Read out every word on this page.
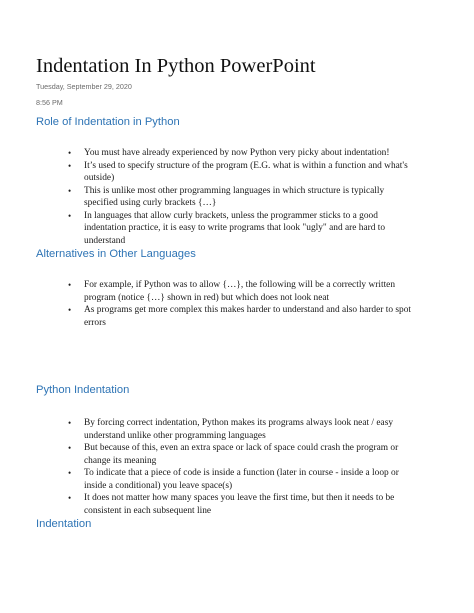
Indentation In Python PowerPoint
Tuesday, September 29, 2020
8:56 PM
Role of Indentation in Python
• You must have already experienced by now Python very picky about indentation!
• It’s used to specify structure of the program (E.G. what is within a function and what's outside)
• This is unlike most other programming languages in which structure is typically specified using curly brackets {…}
• In languages that allow curly brackets, unless the programmer sticks to a good indentation practice, it is easy to write programs that look "ugly" and are hard to understand
Alternatives in Other Languages
• For example, if Python was to allow {…}, the following will be a correctly written program (notice {…} shown in red) but which does not look neat
• As programs get more complex this makes harder to understand and also harder to spot errors
Python Indentation
• By forcing correct indentation, Python makes its programs always look neat / easy understand unlike other programming languages
• But because of this, even an extra space or lack of space could crash the program or change its meaning
• To indicate that a piece of code is inside a function (later in course - inside a loop or inside a conditional) you leave space(s)
• It does not matter how many spaces you leave the first time, but then it needs to be consistent in each subsequent line
Indentation
